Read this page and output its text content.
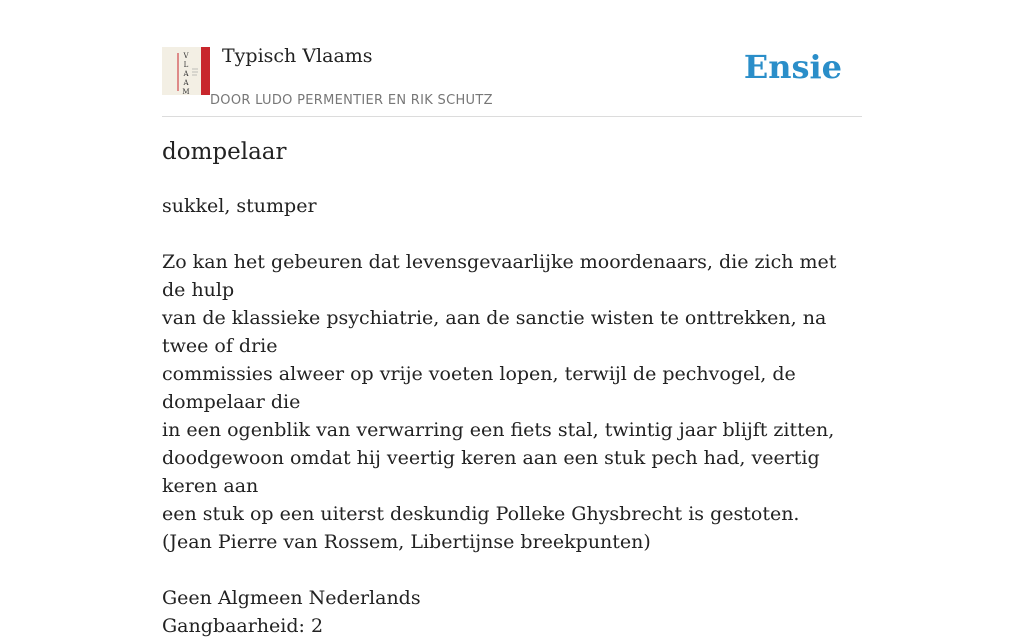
V
L
A
A
M
Typisch Vlaams
DOOR LUDO PERMENTIER EN RIK SCHUTZ
Ensie
dompelaar

sukkel, stumper

Zo kan het gebeuren dat levensgevaarlijke moordenaars, die zich met de hulp

van de klassieke psychiatrie, aan de sanctie wisten te onttrekken, na twee of drie

commissies alweer op vrije voeten lopen, terwijl de pechvogel, de dompelaar die

in een ogenblik van verwarring een fiets stal, twintig jaar blijft zitten,

doodgewoon omdat hij veertig keren aan een stuk pech had, veertig keren aan

een stuk op een uiterst deskundig Polleke Ghysbrecht is gestoten.

(Jean Pierre van Rossem, Libertijnse breekpunten)

Geen Algmeen Nederlands

Gangbaarheid: 2
